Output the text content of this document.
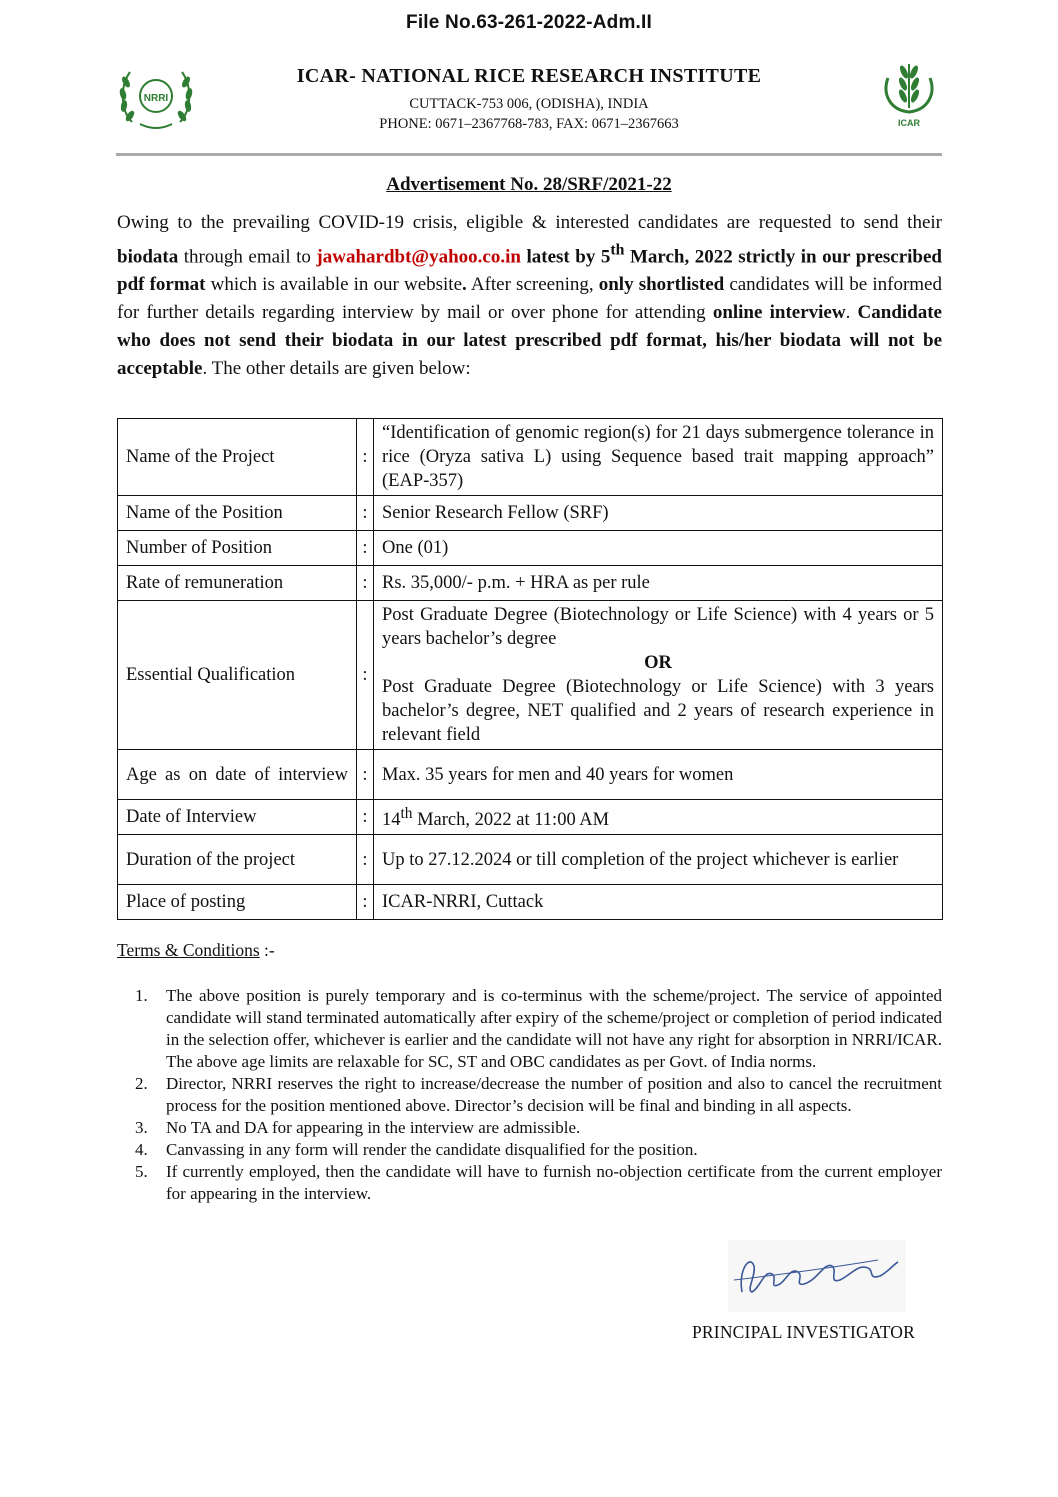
File No.63-261-2022-Adm.II
NRRI
ICAR- NATIONAL RICE RESEARCH INSTITUTE
CUTTACK-753 006, (ODISHA), INDIA
PHONE: 0671–2367768-783, FAX: 0671–2367663	ICAR
Advertisement No. 28/SRF/2021-22
Owing to the prevailing COVID-19 crisis, eligible & interested candidates are requested to send their biodata through email to jawahardbt@yahoo.co.in latest by 5th March, 2022 strictly in our prescribed pdf format which is available in our website. After screening, only shortlisted candidates will be informed for further details regarding interview by mail or over phone for attending online interview. Candidate who does not send their biodata in our latest prescribed pdf format, his/her biodata will not be acceptable. The other details are given below:
Name of the Project	:	“Identification of genomic region(s) for 21 days submergence tolerance in rice (Oryza sativa L) using Sequence based trait mapping approach” (EAP-357)
Name of the Position	:	Senior Research Fellow (SRF)
Number of Position	:	One (01)
Rate of remuneration	:	Rs. 35,000/- p.m. + HRA as per rule
Essential Qualification	:	Post Graduate Degree (Biotechnology or Life Science) with 4 years or 5 years bachelor’s degree
OR
Post Graduate Degree (Biotechnology or Life Science) with 3 years bachelor’s degree, NET qualified and 2 years of research experience in relevant field

Age as on date of interview	:	Max. 35 years for men and 40 years for women
Date of Interview	:	14th March, 2022 at 11:00 AM
Duration of the project	:	Up to 27.12.2024 or till completion of the project whichever is earlier
Place of posting	:	ICAR-NRRI, Cuttack
Terms & Conditions :-
1. The above position is purely temporary and is co-terminus with the scheme/project. The service of appointed candidate will stand terminated automatically after expiry of the scheme/project or completion of period indicated in the selection offer, whichever is earlier and the candidate will not have any right for absorption in NRRI/ICAR. The above age limits are relaxable for SC, ST and OBC candidates as per Govt. of India norms.
2. Director, NRRI reserves the right to increase/decrease the number of position and also to cancel the recruitment process for the position mentioned above. Director’s decision will be final and binding in all aspects.
3. No TA and DA for appearing in the interview are admissible.
4. Canvassing in any form will render the candidate disqualified for the position.
5. If currently employed, then the candidate will have to furnish no-objection certificate from the current employer for appearing in the interview.
PRINCIPAL INVESTIGATOR
